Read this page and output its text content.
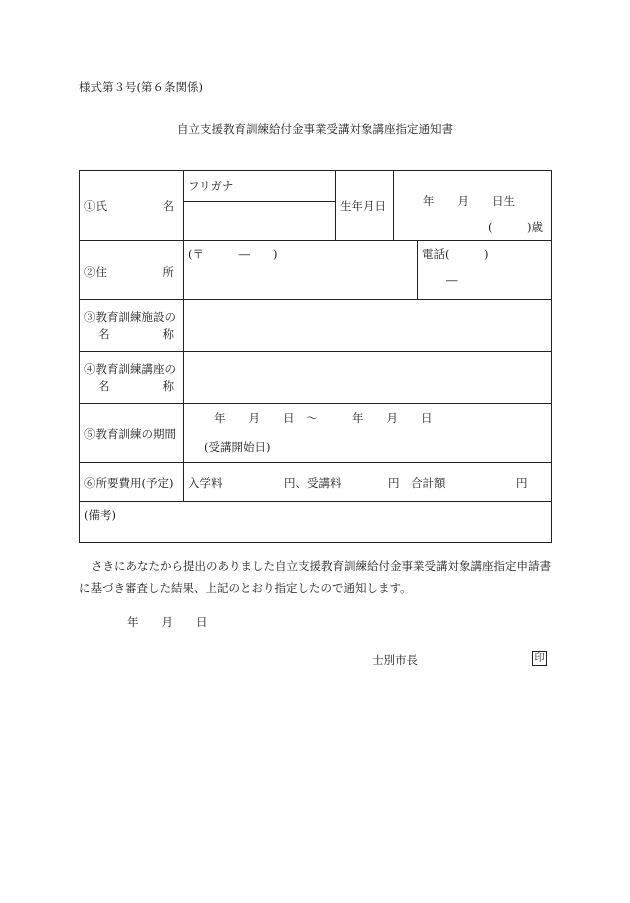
様式第３号(第６条関係)
自立支援教育訓練給付金事業受講対象講座指定通知書
①氏 名	フリガナ	生年月日	年　　月　　日生
(　　　)歳	

②住 所	(〒　　　―　　)			電話(　　　)
―

③教育訓練施設の
名 称				

④教育訓練講座の
名 称				

⑤教育訓練の期間	年　　月　　日　～　　　年　　月　　日
(受講開始日)			

⑥所要費用(予定)	入学料 円、受講料 円　合計額 円			

(備考)				
さきにあなたから提出のありました自立支援教育訓練給付金事業受講対象講座指定申請書に基づき審査した結果、上記のとおり指定したので通知します。
年　　月　　日
士別市長	印
